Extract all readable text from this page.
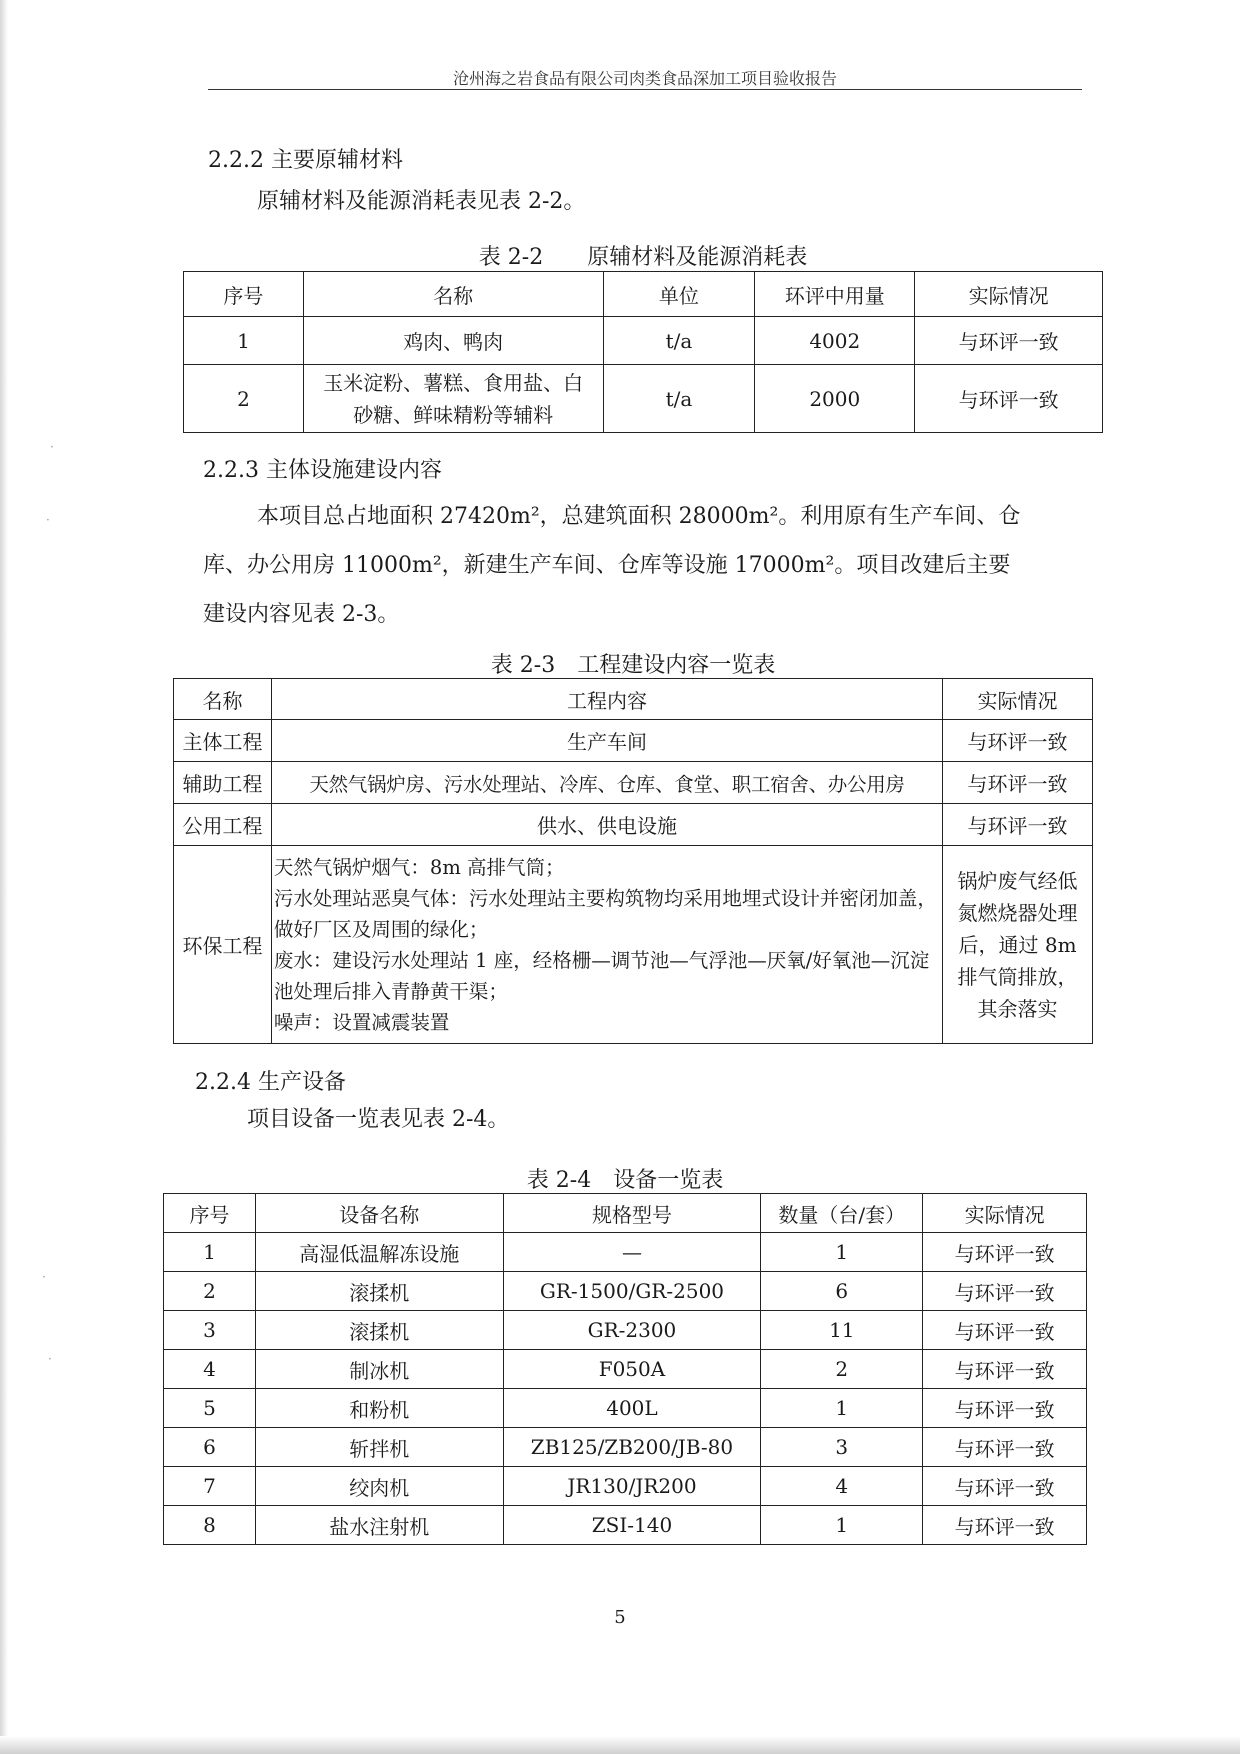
沧州海之岩食品有限公司肉类食品深加工项目验收报告
2.2.2 主要原辅材料
原辅材料及能源消耗表见表 2-2。
表 2-2　　原辅材料及能源消耗表
序号	名称	单位	环评中用量	实际情况
1	鸡肉、鸭肉	t/a	4002	与环评一致
2	玉米淀粉、薯糕、食用盐、白砂糖、鲜味精粉等辅料	t/a	2000	与环评一致
2.2.3 主体设施建设内容
本项目总占地面积 27420m²，总建筑面积 28000m²。利用原有生产车间、仓
库、办公用房 11000m²，新建生产车间、仓库等设施 17000m²。项目改建后主要
建设内容见表 2-3。
表 2-3　工程建设内容一览表
名称	工程内容	实际情况
主体工程	生产车间	与环评一致
辅助工程	天然气锅炉房、污水处理站、冷库、仓库、食堂、职工宿舍、办公用房	与环评一致
公用工程	供水、供电设施	与环评一致
环保工程	天然气锅炉烟气：8m 高排气筒；
污水处理站恶臭气体：污水处理站主要构筑物均采用地埋式设计并密闭加盖，做好厂区及周围的绿化；
废水：建设污水处理站 1 座，经格栅—调节池—气浮池—厌氧/好氧池—沉淀池处理后排入青静黄干渠；
噪声：设置减震装置	锅炉废气经低氮燃烧器处理后，通过 8m 排气筒排放，其余落实
2.2.4 生产设备
项目设备一览表见表 2-4。
表 2-4　设备一览表
序号	设备名称	规格型号	数量（台/套）	实际情况
1	高湿低温解冻设施	—	1	与环评一致
2	滚揉机	GR-1500/GR-2500	6	与环评一致
3	滚揉机	GR-2300	11	与环评一致
4	制冰机	F050A	2	与环评一致
5	和粉机	400L	1	与环评一致
6	斩拌机	ZB125/ZB200/JB-80	3	与环评一致
7	绞肉机	JR130/JR200	4	与环评一致
8	盐水注射机	ZSI-140	1	与环评一致
5
·
·
·
·
